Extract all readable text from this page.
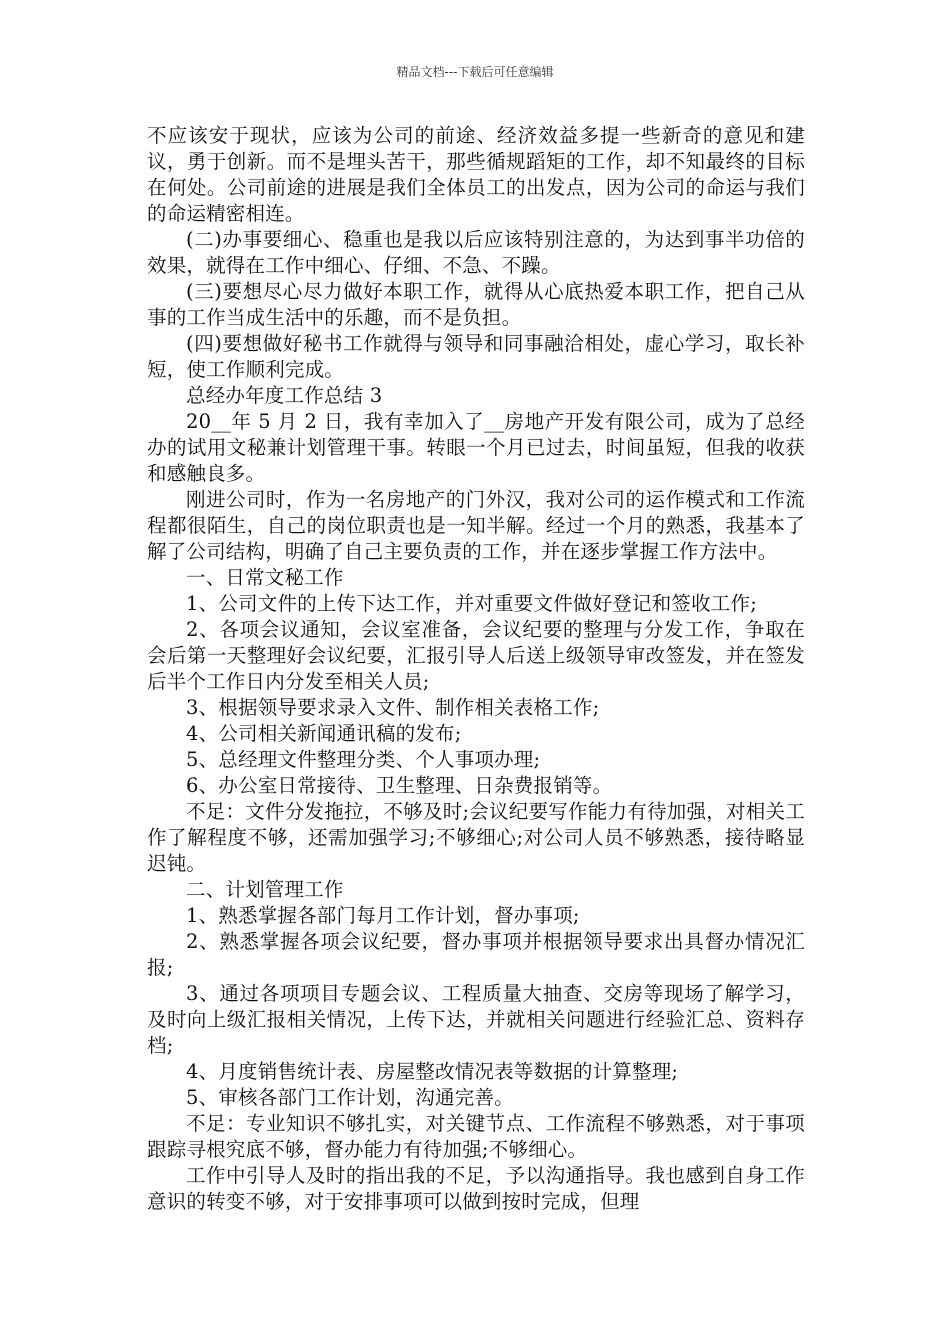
精品文档---下载后可任意编辑

不应该安于现状，应该为公司的前途、经济效益多提一些新奇的意见和建议，勇于创新。而不是埋头苦干，那些循规蹈矩的工作，却不知最终的目标在何处。公司前途的进展是我们全体员工的出发点，因为公司的命运与我们的命运精密相连。

(二)办事要细心、稳重也是我以后应该特别注意的，为达到事半功倍的效果，就得在工作中细心、仔细、不急、不躁。

(三)要想尽心尽力做好本职工作，就得从心底热爱本职工作，把自己从事的工作当成生活中的乐趣，而不是负担。

(四)要想做好秘书工作就得与领导和同事融洽相处，虚心学习，取长补短，使工作顺利完成。

总经办年度工作总结 3

20__年 5 月 2 日，我有幸加入了__房地产开发有限公司，成为了总经办的试用文秘兼计划管理干事。转眼一个月已过去，时间虽短，但我的收获和感触良多。

刚进公司时，作为一名房地产的门外汉，我对公司的运作模式和工作流程都很陌生，自己的岗位职责也是一知半解。经过一个月的熟悉，我基本了解了公司结构，明确了自己主要负责的工作，并在逐步掌握工作方法中。

一、日常文秘工作

1、公司文件的上传下达工作，并对重要文件做好登记和签收工作;

2、各项会议通知，会议室准备，会议纪要的整理与分发工作，争取在会后第一天整理好会议纪要，汇报引导人后送上级领导审改签发，并在签发后半个工作日内分发至相关人员;

3、根据领导要求录入文件、制作相关表格工作;

4、公司相关新闻通讯稿的发布;

5、总经理文件整理分类、个人事项办理;

6、办公室日常接待、卫生整理、日杂费报销等。

不足：文件分发拖拉，不够及时;会议纪要写作能力有待加强，对相关工作了解程度不够，还需加强学习;不够细心;对公司人员不够熟悉，接待略显迟钝。

二、计划管理工作

1、熟悉掌握各部门每月工作计划，督办事项;

2、熟悉掌握各项会议纪要，督办事项并根据领导要求出具督办情况汇报;

3、通过各项项目专题会议、工程质量大抽查、交房等现场了解学习，及时向上级汇报相关情况，上传下达，并就相关问题进行经验汇总、资料存档;

4、月度销售统计表、房屋整改情况表等数据的计算整理;

5、审核各部门工作计划，沟通完善。

不足：专业知识不够扎实，对关键节点、工作流程不够熟悉，对于事项跟踪寻根究底不够，督办能力有待加强;不够细心。

工作中引导人及时的指出我的不足，予以沟通指导。我也感到自身工作意识的转变不够，对于安排事项可以做到按时完成，但理
